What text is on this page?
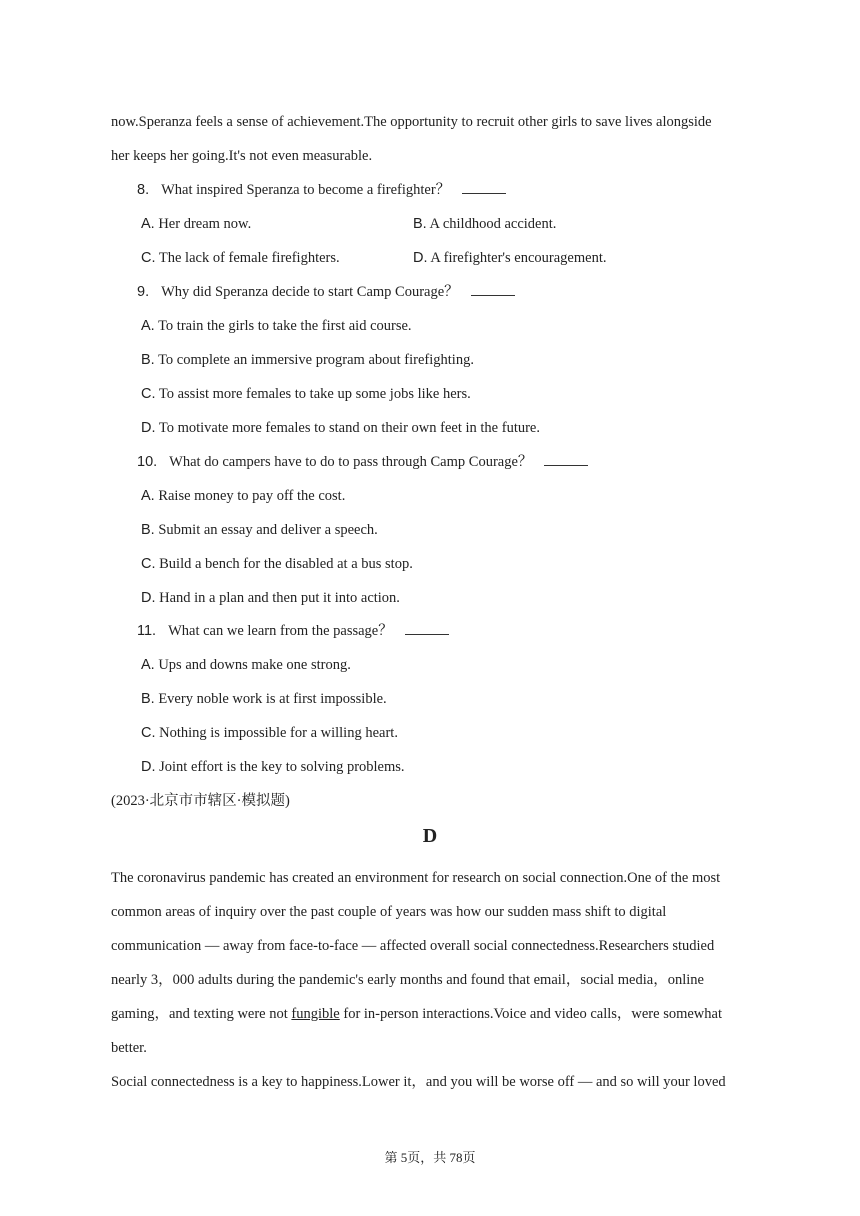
now.Speranza feels a sense of achievement.The opportunity to recruit other girls to save lives alongside
her keeps her going.It's not even measurable.
8. What inspired Speranza to become a firefighter？
A. Her dream now.	B. A childhood accident.
C. The lack of female firefighters.	D. A firefighter's encouragement.
9. Why did Speranza decide to start Camp Courage？
A. To train the girls to take the first aid course.
B. To complete an immersive program about firefighting.
C. To assist more females to take up some jobs like hers.
D. To motivate more females to stand on their own feet in the future.
10. What do campers have to do to pass through Camp Courage？
A. Raise money to pay off the cost.
B. Submit an essay and deliver a speech.
C. Build a bench for the disabled at a bus stop.
D. Hand in a plan and then put it into action.
11. What can we learn from the passage？
A. Ups and downs make one strong.
B. Every noble work is at first impossible.
C. Nothing is impossible for a willing heart.
D. Joint effort is the key to solving problems.
(2023·北京市市辖区·模拟题)
D
The coronavirus pandemic has created an environment for research on social connection.One of the most
common areas of inquiry over the past couple of years was how our sudden mass shift to digital
communication — away from face-to-face — affected overall social connectedness.Researchers studied
nearly 3，000 adults during the pandemic's early months and found that email，social media，online
gaming，and texting were not fungible for in-person interactions.Voice and video calls，were somewhat
better.
Social connectedness is a key to happiness.Lower it，and you will be worse off — and so will your loved
第 5页，共 78页
